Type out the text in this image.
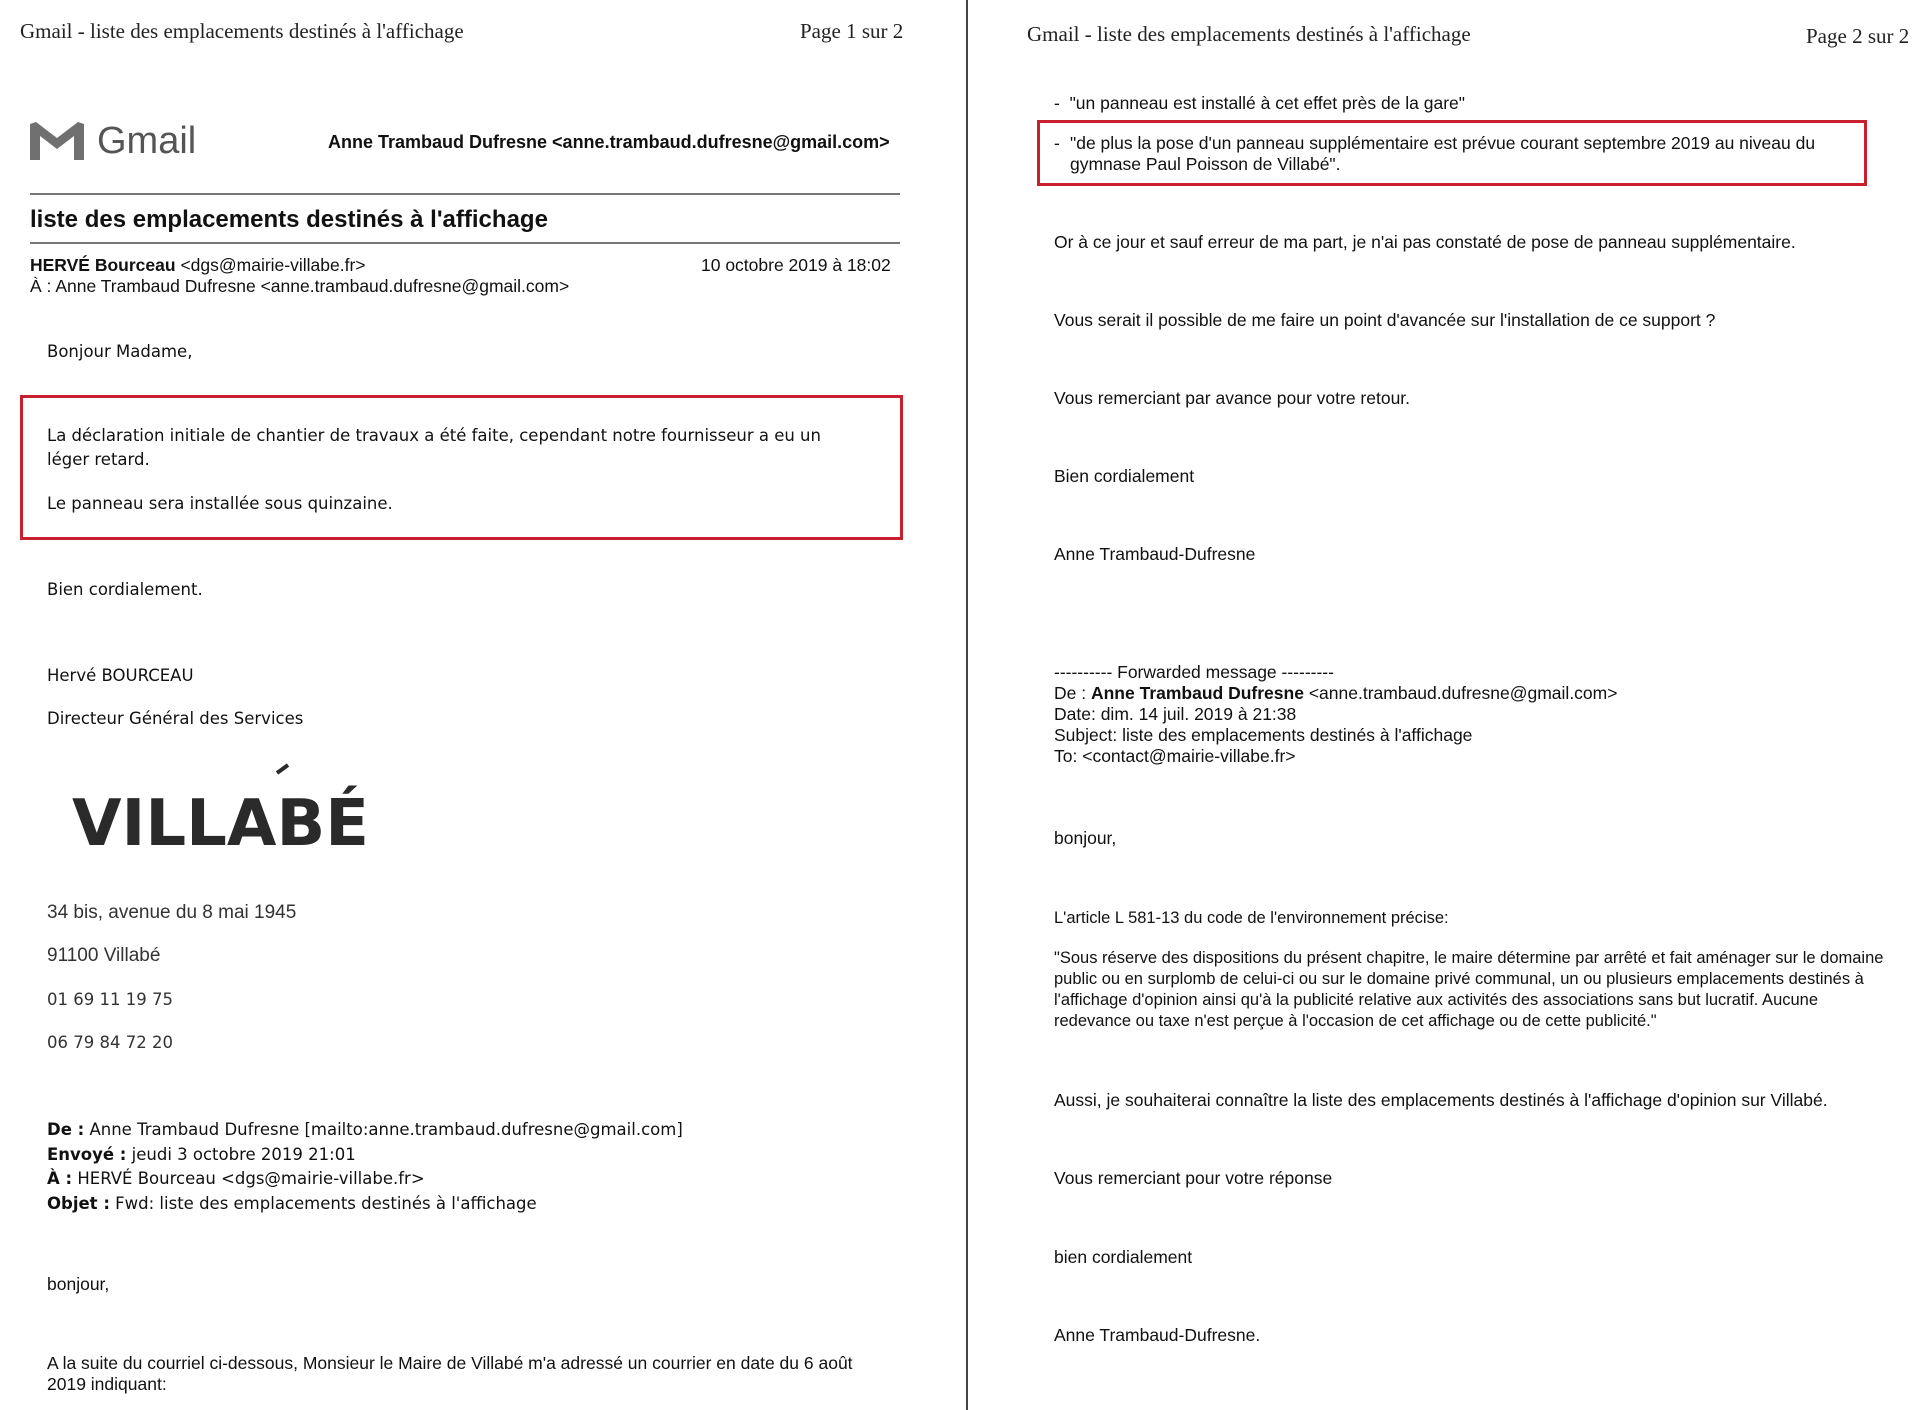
Gmail - liste des emplacements destinés à l'affichage	Page 1 sur 2
Gmail	Anne Trambaud Dufresne <anne.trambaud.dufresne@gmail.com>
liste des emplacements destinés à l'affichage
HERVÉ Bourceau <dgs@mairie-villabe.fr>	10 octobre 2019 à 18:02
À : Anne Trambaud Dufresne <anne.trambaud.dufresne@gmail.com>
Bonjour Madame,
La déclaration initiale de chantier de travaux a été faite, cependant notre fournisseur a eu un léger retard.
Le panneau sera installée sous quinzaine.
Bien cordialement.
Hervé BOURCEAU
Directeur Général des Services
VILLABÉ
34 bis, avenue du 8 mai 1945
91100 Villabé
01 69 11 19 75
06 79 84 72 20
De : Anne Trambaud Dufresne [mailto:anne.trambaud.dufresne@gmail.com]
Envoyé : jeudi 3 octobre 2019 21:01
À : HERVÉ Bourceau <dgs@mairie-villabe.fr>
Objet : Fwd: liste des emplacements destinés à l'affichage
bonjour,
A la suite du courriel ci-dessous, Monsieur le Maire de Villabé m'a adressé un courrier en date du 6 août 2019 indiquant:
Gmail - liste des emplacements destinés à l'affichage	Page 2 sur 2
-  "un panneau est installé à cet effet près de la gare"
- "de plus la pose d'un panneau supplémentaire est prévue courant septembre 2019 au niveau du gymnase Paul Poisson de Villabé".
Or à ce jour et sauf erreur de ma part, je n'ai pas constaté de pose de panneau supplémentaire.
Vous serait il possible de me faire un point d'avancée sur l'installation de ce support ?
Vous remerciant par avance pour votre retour.
Bien cordialement
Anne Trambaud-Dufresne
---------- Forwarded message ---------
De : Anne Trambaud Dufresne <anne.trambaud.dufresne@gmail.com>
Date: dim. 14 juil. 2019 à 21:38
Subject: liste des emplacements destinés à l'affichage
To: <contact@mairie-villabe.fr>
bonjour,
L'article L 581-13 du code de l'environnement précise:
"Sous réserve des dispositions du présent chapitre, le maire détermine par arrêté et fait aménager sur le domaine public ou en surplomb de celui-ci ou sur le domaine privé communal, un ou plusieurs emplacements destinés à l'affichage d'opinion ainsi qu'à la publicité relative aux activités des associations sans but lucratif. Aucune redevance ou taxe n'est perçue à l'occasion de cet affichage ou de cette publicité."
Aussi, je souhaiterai connaître la liste des emplacements destinés à l'affichage d'opinion sur Villabé.
Vous remerciant pour votre réponse
bien cordialement
Anne Trambaud-Dufresne.
